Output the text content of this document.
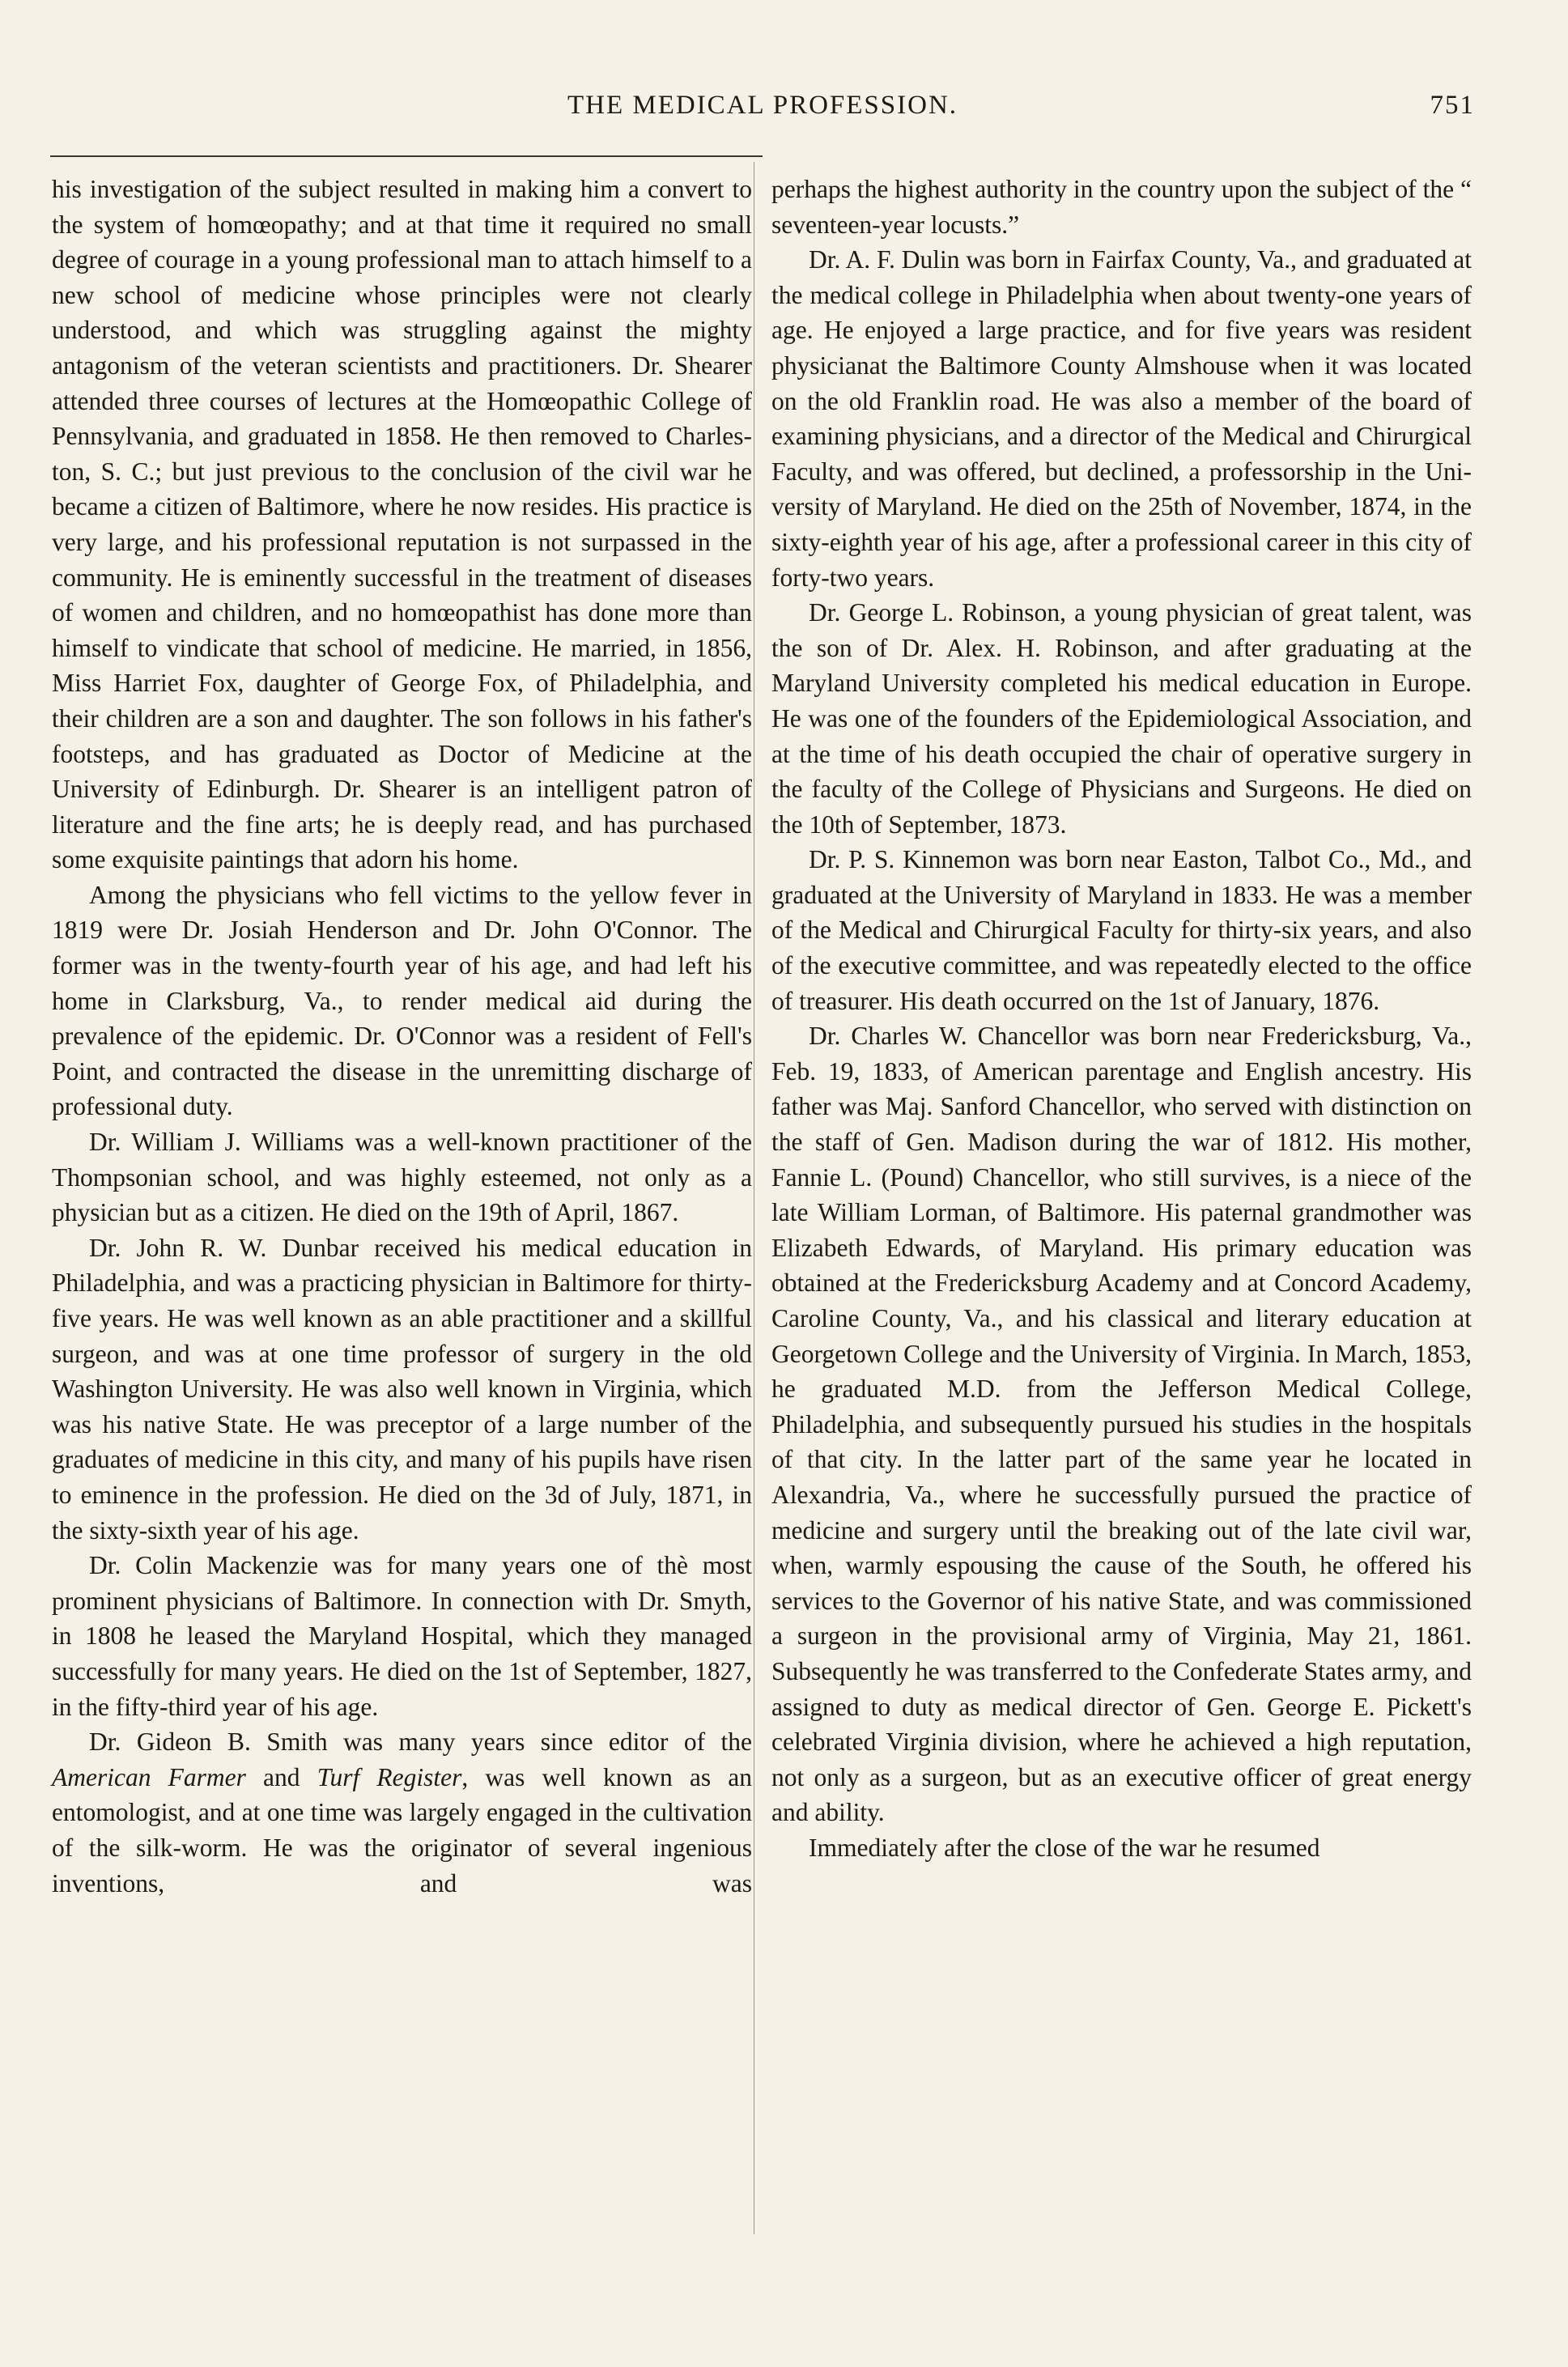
THE MEDICAL PROFESSION.	751

his investigation of the subject resulted in making him a convert to the system of homœopathy; and at that time it required no small degree of courage in a young professional man to attach himself to a new school of medicine whose principles were not clearly understood, and which was struggling against the mighty antagonism of the veteran scientists and practitioners. Dr. Shearer attended three courses of lectures at the Homœopathic College of Pennsylvania, and graduated in 1858. He then removed to Charleston, S. C.; but just previous to the conclusion of the civil war he became a citizen of Baltimore, where he now resides. His practice is very large, and his professional reputation is not surpassed in the community. He is eminently successful in the treatment of diseases of women and children, and no homœopathist has done more than himself to vindicate that school of medicine. He married, in 1856, Miss Harriet Fox, daughter of George Fox, of Philadelphia, and their children are a son and daughter. The son follows in his father's footsteps, and has graduated as Doctor of Medicine at the University of Edinburgh. Dr. Shearer is an intelligent patron of literature and the fine arts; he is deeply read, and has purchased some exquisite paintings that adorn his home.

Among the physicians who fell victims to the yellow fever in 1819 were Dr. Josiah Henderson and Dr. John O'Connor. The former was in the twenty-fourth year of his age, and had left his home in Clarksburg, Va., to render medical aid during the prevalence of the epidemic. Dr. O'Connor was a resident of Fell's Point, and contracted the disease in the unremitting discharge of professional duty.

Dr. William J. Williams was a well-known practitioner of the Thompsonian school, and was highly esteemed, not only as a physician but as a citizen. He died on the 19th of April, 1867.

Dr. John R. W. Dunbar received his medical education in Philadelphia, and was a practicing physician in Baltimore for thirty-five years. He was well known as an able practitioner and a skillful surgeon, and was at one time professor of surgery in the old Washington University. He was also well known in Virginia, which was his native State. He was preceptor of a large number of the graduates of medicine in this city, and many of his pupils have risen to eminence in the profession. He died on the 3d of July, 1871, in the sixty-sixth year of his age.

Dr. Colin Mackenzie was for many years one of thè most prominent physicians of Baltimore. In connection with Dr. Smyth, in 1808 he leased the Maryland Hospital, which they managed successfully for many years. He died on the 1st of September, 1827, in the fifty-third year of his age.

Dr. Gideon B. Smith was many years since editor of the American Farmer and Turf Register, was well known as an entomologist, and at one time was largely engaged in the cultivation of the silk-worm. He was the originator of several ingenious inventions, and was

perhaps the highest authority in the country upon the subject of the “ seventeen-year locusts.”

Dr. A. F. Dulin was born in Fairfax County, Va., and graduated at the medical college in Philadelphia when about twenty-one years of age. He enjoyed a large practice, and for five years was resident physicianat the Baltimore County Almshouse when it was located on the old Franklin road. He was also a member of the board of examining physicians, and a director of the Medical and Chirurgical Faculty, and was offered, but declined, a professorship in the University of Maryland. He died on the 25th of November, 1874, in the sixty-eighth year of his age, after a professional career in this city of forty-two years.

Dr. George L. Robinson, a young physician of great talent, was the son of Dr. Alex. H. Robinson, and after graduating at the Maryland University completed his medical education in Europe. He was one of the founders of the Epidemiological Association, and at the time of his death occupied the chair of operative surgery in the faculty of the College of Physicians and Surgeons. He died on the 10th of September, 1873.

Dr. P. S. Kinnemon was born near Easton, Talbot Co., Md., and graduated at the University of Maryland in 1833. He was a member of the Medical and Chirurgical Faculty for thirty-six years, and also of the executive committee, and was repeatedly elected to the office of treasurer. His death occurred on the 1st of January, 1876.

Dr. Charles W. Chancellor was born near Fredericksburg, Va., Feb. 19, 1833, of American parentage and English ancestry. His father was Maj. Sanford Chancellor, who served with distinction on the staff of Gen. Madison during the war of 1812. His mother, Fannie L. (Pound) Chancellor, who still survives, is a niece of the late William Lorman, of Baltimore. His paternal grandmother was Elizabeth Edwards, of Maryland. His primary education was obtained at the Fredericksburg Academy and at Concord Academy, Caroline County, Va., and his classical and literary education at Georgetown College and the University of Virginia. In March, 1853, he graduated M.D. from the Jefferson Medical College, Philadelphia, and subsequently pursued his studies in the hospitals of that city. In the latter part of the same year he located in Alexandria, Va., where he successfully pursued the practice of medicine and surgery until the breaking out of the late civil war, when, warmly espousing the cause of the South, he offered his services to the Governor of his native State, and was commissioned a surgeon in the provisional army of Virginia, May 21, 1861. Subsequently he was transferred to the Confederate States army, and assigned to duty as medical director of Gen. George E. Pickett's celebrated Virginia division, where he achieved a high reputation, not only as a surgeon, but as an executive officer of great energy and ability.

Immediately after the close of the war he resumed
